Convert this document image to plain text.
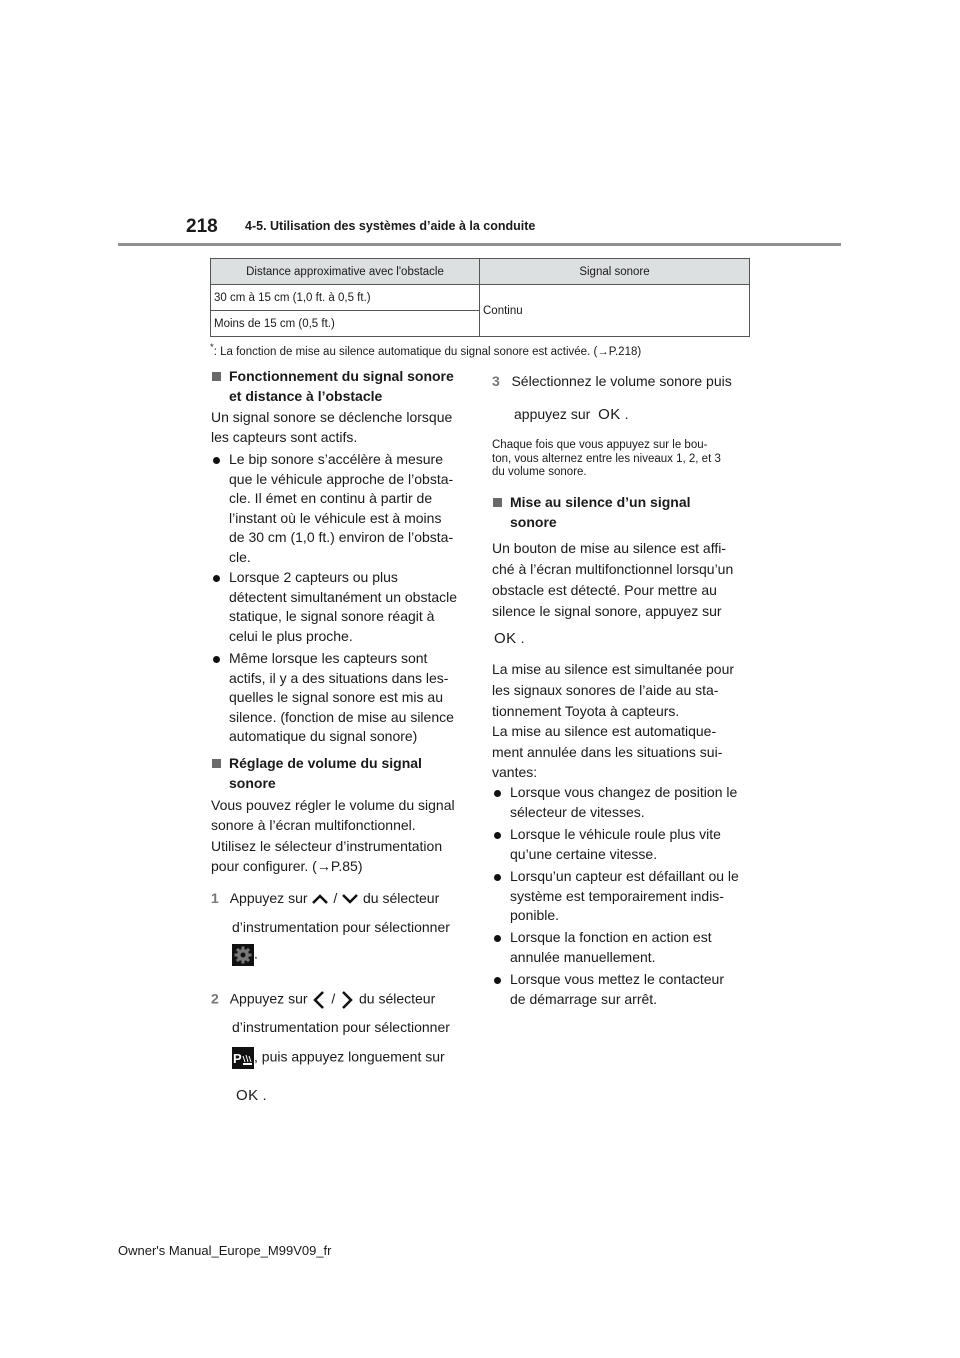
218 4-5. Utilisation des systèmes d’aide à la conduite
Distance approximative avec l'obstacle	Signal sonore
30 cm à 15 cm (1,0 ft. à 0,5 ft.)	Continu
Moins de 15 cm (0,5 ft.)	
*: La fonction de mise au silence automatique du signal sonore est activée. (→P.218)
Fonctionnement du signal sonore
et distance à l’obstacle
Un signal sonore se déclenche lorsque
les capteurs sont actifs.
Le bip sonore s’accélère à mesure
que le véhicule approche de l’obsta-
cle. Il émet en continu à partir de
l’instant où le véhicule est à moins
de 30 cm (1,0 ft.) environ de l’obsta-
cle.
Lorsque 2 capteurs ou plus
détectent simultanément un obstacle
statique, le signal sonore réagit à
celui le plus proche.
Même lorsque les capteurs sont
actifs, il y a des situations dans les-
quelles le signal sonore est mis au
silence. (fonction de mise au silence
automatique du signal sonore)
Réglage de volume du signal
sonore
Vous pouvez régler le volume du signal
sonore à l’écran multifonctionnel.
Utilisez le sélecteur d’instrumentation
pour configurer. (→P.85)
1 Appuyez sur / du sélecteur
d’instrumentation pour sélectionner
.
2 Appuyez sur / du sélecteur
d’instrumentation pour sélectionner
P , puis appuyez longuement sur
OK .
3 Sélectionnez le volume sonore puis
appuyez sur OK .
Chaque fois que vous appuyez sur le bou-
ton, vous alternez entre les niveaux 1, 2, et 3
du volume sonore.
Mise au silence d’un signal
sonore
Un bouton de mise au silence est affi-
ché à l’écran multifonctionnel lorsqu’un
obstacle est détecté. Pour mettre au
silence le signal sonore, appuyez sur
OK .
La mise au silence est simultanée pour
les signaux sonores de l’aide au sta-
tionnement Toyota à capteurs.
La mise au silence est automatique-
ment annulée dans les situations sui-
vantes:
Lorsque vous changez de position le
sélecteur de vitesses.
Lorsque le véhicule roule plus vite
qu’une certaine vitesse.
Lorsqu’un capteur est défaillant ou le
système est temporairement indis-
ponible.
Lorsque la fonction en action est
annulée manuellement.
Lorsque vous mettez le contacteur
de démarrage sur arrêt.
Owner's Manual_Europe_M99V09_fr
